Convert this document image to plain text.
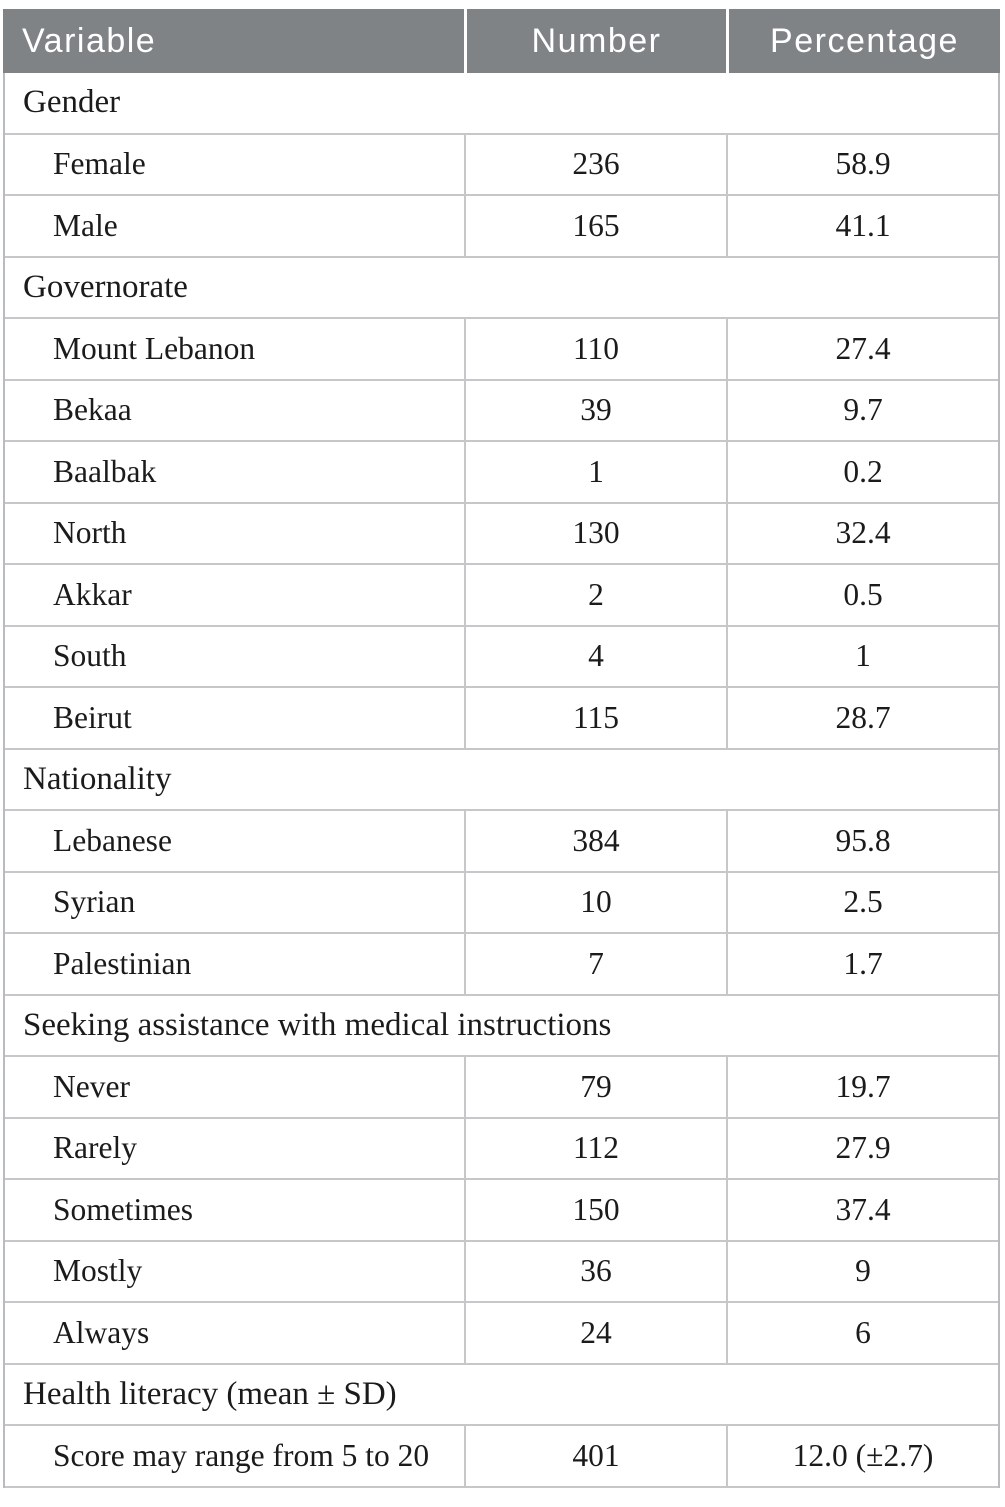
Variable	Number	Percentage
Gender
Female	236	58.9
Male	165	41.1
Governorate
Mount Lebanon	110	27.4
Bekaa	39	9.7
Baalbak	1	0.2
North	130	32.4
Akkar	2	0.5
South	4	1
Beirut	115	28.7
Nationality
Lebanese	384	95.8
Syrian	10	2.5
Palestinian	7	1.7
Seeking assistance with medical instructions
Never	79	19.7
Rarely	112	27.9
Sometimes	150	37.4
Mostly	36	9
Always	24	6
Health literacy (mean ± SD)
Score may range from 5 to 20	401	12.0 (±2.7)
